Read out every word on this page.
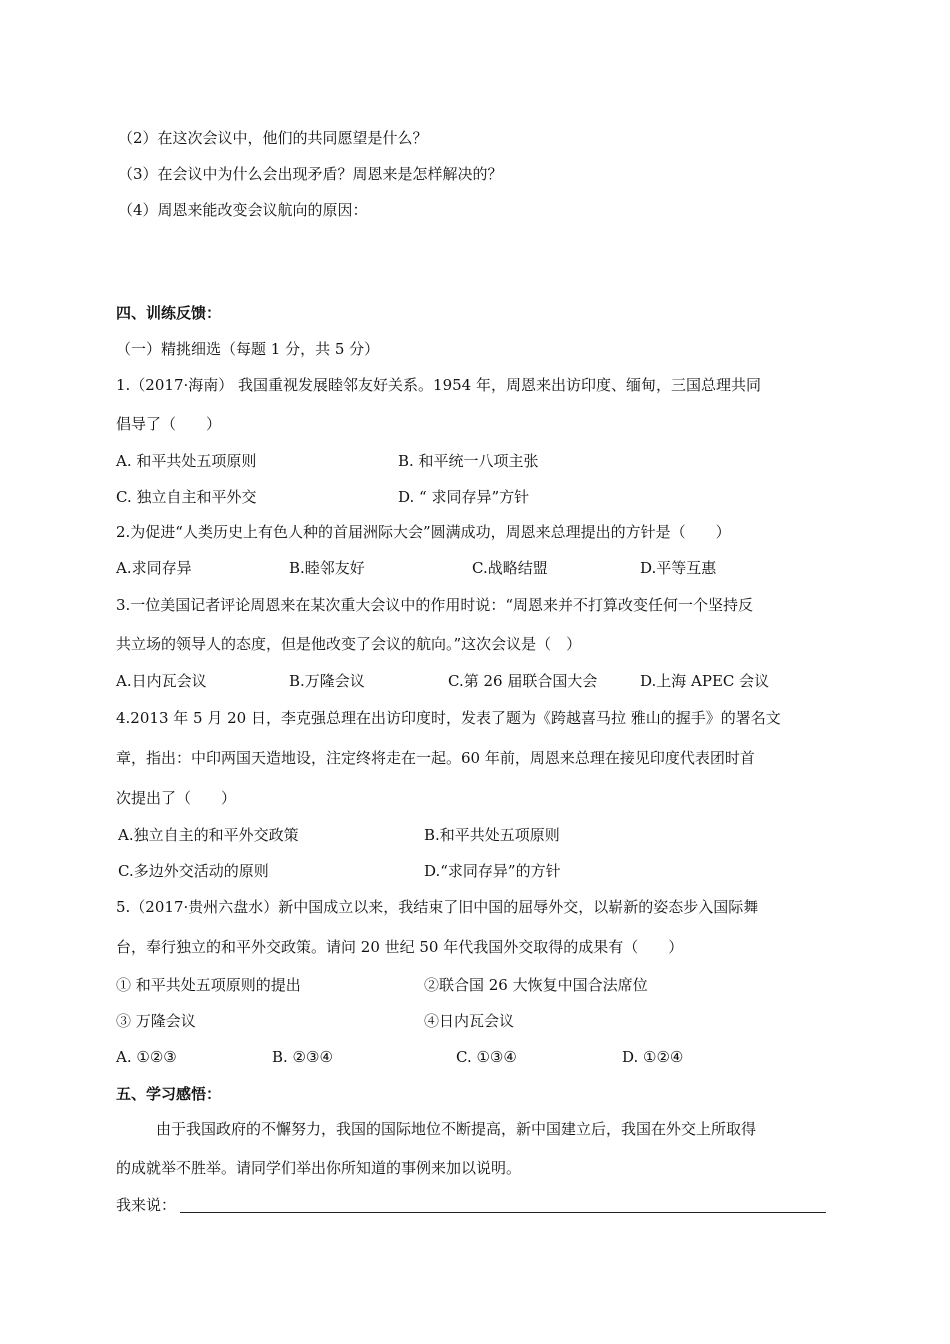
（2）在这次会议中，他们的共同愿望是什么？
（3）在会议中为什么会出现矛盾？周恩来是怎样解决的？
（4）周恩来能改变会议航向的原因：
四、训练反馈：
（一）精挑细选（每题 1 分，共 5 分）
1.（2017·海南） 我国重视发展睦邻友好关系。1954 年，周恩来出访印度、缅甸，三国总理共同
倡导了（　　）
A. 和平共处五项原则	B. 和平统一八项主张
C. 独立自主和平外交	D. “ 求同存异”方针
2.为促进“人类历史上有色人种的首届洲际大会”圆满成功，周恩来总理提出的方针是（　　）
A.求同存异	B.睦邻友好	C.战略结盟	D.平等互惠
3.一位美国记者评论周恩来在某次重大会议中的作用时说：“周恩来并不打算改变任何一个坚持反
共立场的领导人的态度，但是他改变了会议的航向。”这次会议是（　）
A.日内瓦会议	B.万隆会议	C.第 26 届联合国大会	D.上海 APEC 会议
4.2013 年 5 月 20 日，李克强总理在出访印度时，发表了题为《跨越喜马拉 雅山的握手》的署名文
章，指出：中印两国天造地设，注定终将走在一起。60 年前，周恩来总理在接见印度代表团时首
次提出了（　　）
A.独立自主的和平外交政策	B.和平共处五项原则
C.多边外交活动的原则	D.“求同存异”的方针
5.（2017·贵州六盘水）新中国成立以来，我结束了旧中国的屈辱外交，以崭新的姿态步入国际舞
台，奉行独立的和平外交政策。请问 20 世纪 50 年代我国外交取得的成果有（　　）
① 和平共处五项原则的提出	②联合国 26 大恢复中国合法席位
③ 万隆会议	④日内瓦会议
A. ①②③	B. ②③④	C. ①③④	D. ①②④
五、学习感悟：
由于我国政府的不懈努力，我国的国际地位不断提高，新中国建立后，我国在外交上所取得
的成就举不胜举。请同学们举出你所知道的事例来加以说明。
我来说：
